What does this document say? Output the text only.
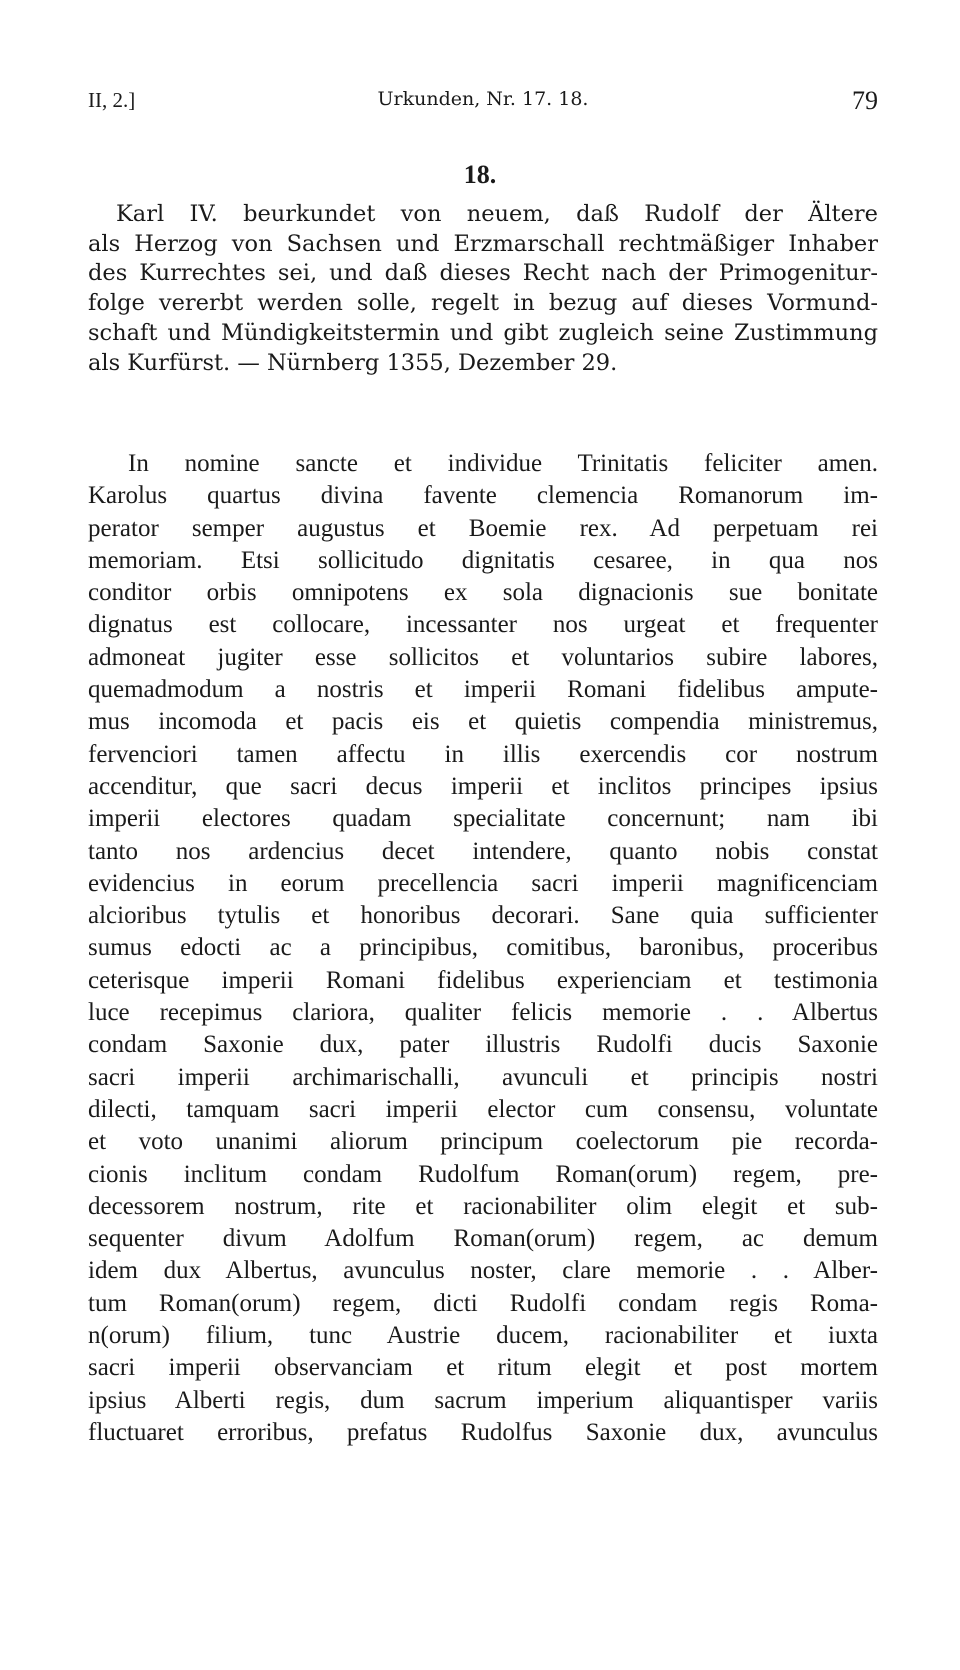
II, 2.]	Urkunden, Nr. 17. 18.	79
18.
Karl IV. beurkundet von neuem, daß Rudolf der Ältere
als Herzog von Sachsen und Erzmarschall rechtmäßiger Inhaber
des Kurrechtes sei, und daß dieses Recht nach der Primogenitur-
folge vererbt werden solle, regelt in bezug auf dieses Vormund-
schaft und Mündigkeitstermin und gibt zugleich seine Zustimmung
als Kurfürst. — Nürnberg 1355, Dezember 29.
In nomine sancte et individue Trinitatis feliciter amen.
Karolus quartus divina favente clemencia Romanorum im-
perator semper augustus et Boemie rex. Ad perpetuam rei
memoriam. Etsi sollicitudo dignitatis cesaree, in qua nos
conditor orbis omnipotens ex sola dignacionis sue bonitate
dignatus est collocare, incessanter nos urgeat et frequenter
admoneat jugiter esse sollicitos et voluntarios subire labores,
quemadmodum a nostris et imperii Romani fidelibus ampute-
mus incomoda et pacis eis et quietis compendia ministremus,
fervenciori tamen affectu in illis exercendis cor nostrum
accenditur, que sacri decus imperii et inclitos principes ipsius
imperii electores quadam specialitate concernunt; nam ibi
tanto nos ardencius decet intendere, quanto nobis constat
evidencius in eorum precellencia sacri imperii magnificenciam
alcioribus tytulis et honoribus decorari. Sane quia sufficienter
sumus edocti ac a principibus, comitibus, baronibus, proceribus
ceterisque imperii Romani fidelibus experienciam et testimonia
luce recepimus clariora, qualiter felicis memorie . . Albertus
condam Saxonie dux, pater illustris Rudolfi ducis Saxonie
sacri imperii archimarischalli, avunculi et principis nostri
dilecti, tamquam sacri imperii elector cum consensu, voluntate
et voto unanimi aliorum principum coelectorum pie recorda-
cionis inclitum condam Rudolfum Roman(orum) regem, pre-
decessorem nostrum, rite et racionabiliter olim elegit et sub-
sequenter divum Adolfum Roman(orum) regem, ac demum
idem dux Albertus, avunculus noster, clare memorie . . Alber-
tum Roman(orum) regem, dicti Rudolfi condam regis Roma-
n(orum) filium, tunc Austrie ducem, racionabiliter et iuxta
sacri imperii observanciam et ritum elegit et post mortem
ipsius Alberti regis, dum sacrum imperium aliquantisper variis
fluctuaret erroribus, prefatus Rudolfus Saxonie dux, avunculus
